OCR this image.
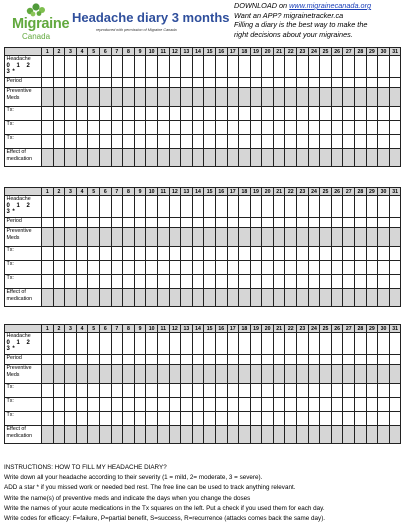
Migraine
Canada
Headache diary 3 months
reproduced with permission of Migraine Canada
DOWNLOAD on www.migrainecanada.org
Want an APP? migrainetracker.ca
Filling a diary is the best way to make the
right decisions about your migraines.
	1	2	3	4	5	6	7	8	9	10	11	12	13	14	15	16	17	18	19	20	21	22	23	24	25	26	27	28	29	30	31
Headache
0 1 2 3*																															

Period																															
Preventive Meds																															
Tx:																															
Tx:																															
Tx:																															
Effect of medication																															
	1	2	3	4	5	6	7	8	9	10	11	12	13	14	15	16	17	18	19	20	21	22	23	24	25	26	27	28	29	30	31
Headache
0 1 2 3*																															

Period																															
Preventive Meds																															
Tx:																															
Tx:																															
Tx:																															
Effect of medication																															
	1	2	3	4	5	6	7	8	9	10	11	12	13	14	15	16	17	18	19	20	21	22	23	24	25	26	27	28	29	30	31
Headache
0 1 2 3*																															

Period																															
Preventive Meds																															
Tx:																															
Tx:																															
Tx:																															
Effect of medication																															
INSTRUCTIONS: HOW TO FILL MY HEADACHE DIARY?
Write down all your headache according to their severity (1 = mild, 2= moderate, 3 = severe).
ADD a star * if you missed work or needed bed rest. The free line can be used to track anything relevant.
Write the name(s) of preventive meds and indicate the days when you change the doses
Write the names of your acute medications in the Tx squares on the left. Put a check if you used them for each day.
Write codes for efficacy: F=failure, P=partial benefit, S=success, R=recurrence (attacks comes back the same day).
